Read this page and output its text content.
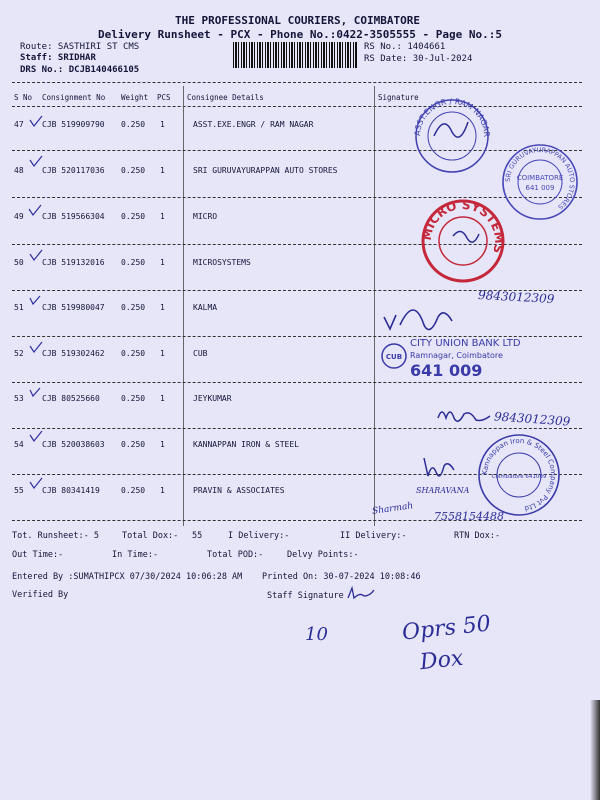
THE PROFESSIONAL COURIERS, COIMBATORE
Delivery Runsheet - PCX - Phone No.:0422-3505555 - Page No.:5
Route: SASTHIRI ST CMS
Staff: SRIDHAR
DRS No.: DCJB140466105
RS No.: 1404661
RS Date: 30-Jul-2024
S No Consignment No Weight PCS Consignee Details	Signature
47 CJB 519909790 0.250 1	ASST.EXE.ENGR / RAM NAGAR
48 CJB 520117036 0.250 1	SRI GURUVAYURAPPAN AUTO STORES
49 CJB 519566304 0.250 1	MICRO
50 CJB 519132016 0.250 1	MICROSYSTEMS
51 CJB 519980047 0.250 1	KALMA
52 CJB 519302462 0.250 1	CUB
53 CJB 80525660	0.250 1	JEYKUMAR
54 CJB 520038603 0.250 1	KANNAPPAN IRON & STEEL
55 CJB 80341419	0.250 1	PRAVIN & ASSOCIATES
ASST.ENGR / RAM NAGAR
SRI GURUVAYURAPPAN AUTO STORES
COIMBATORE
641 009
MICRO SYSTEMS
9843012309
CUB
CITY UNION BANK LTD
Ramnagar, Coimbatore
641 009
9843012309
Kannappan Iron & Steel Company Pvt Ltd
Coimbatore 641009
SHARAVANA
Sharmah 7558154488
Tot. Runsheet:- 5	Total Dox:- 55	I Delivery:-	II Delivery:-	RTN Dox:-
Out Time:-	In Time:-	Total POD:-	Delvy Points:-
Entered By :SUMATHIPCX 07/30/2024 10:06:28 AM Printed On: 30-07-2024 10:08:46
Verified By	Staff Signature
10	Oprs 50
Dox
